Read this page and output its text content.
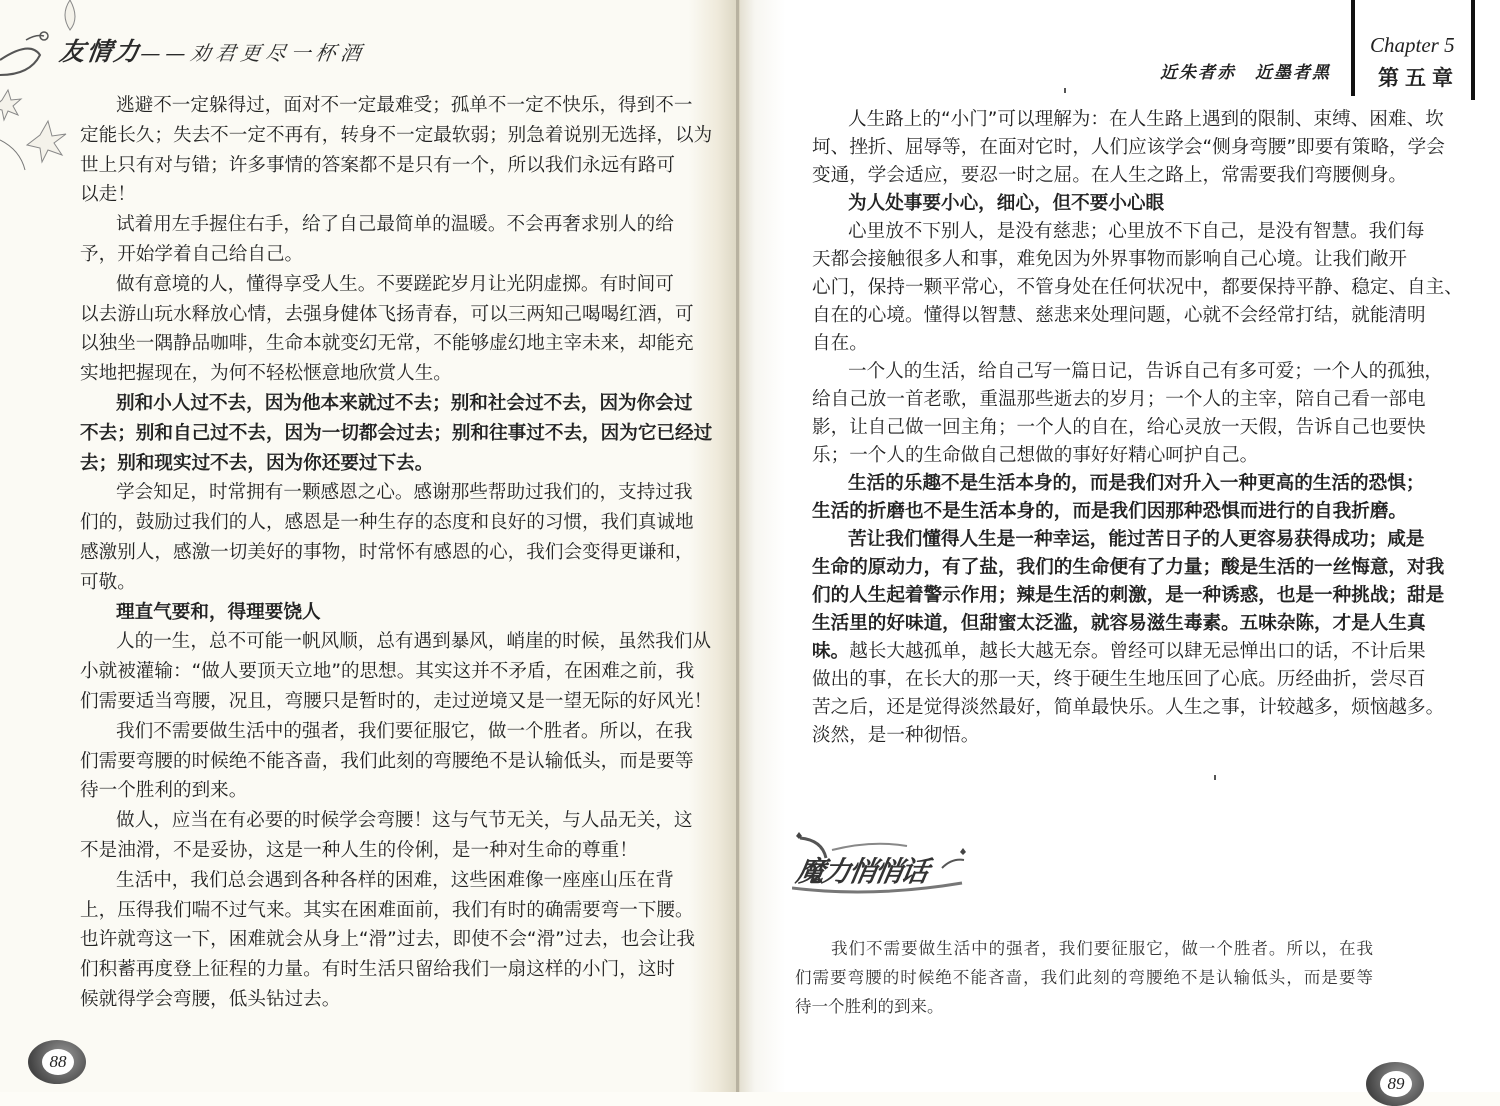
友情力——劝君更尽一杯酒
逃避不一定躲得过，面对不一定最难受；孤单不一定不快乐，得到不一
定能长久；失去不一定不再有，转身不一定最软弱；别急着说别无选择，以为
世上只有对与错；许多事情的答案都不是只有一个，所以我们永远有路可
以走！
试着用左手握住右手，给了自己最简单的温暖。不会再奢求别人的给
予，开始学着自己给自己。
做有意境的人，懂得享受人生。不要蹉跎岁月让光阴虚掷。有时间可
以去游山玩水释放心情，去强身健体飞扬青春，可以三两知己喝喝红酒，可
以独坐一隅静品咖啡，生命本就变幻无常，不能够虚幻地主宰未来，却能充
实地把握现在，为何不轻松惬意地欣赏人生。
别和小人过不去，因为他本来就过不去；别和社会过不去，因为你会过
不去；别和自己过不去，因为一切都会过去；别和往事过不去，因为它已经过
去；别和现实过不去，因为你还要过下去。
学会知足，时常拥有一颗感恩之心。感谢那些帮助过我们的，支持过我
们的，鼓励过我们的人，感恩是一种生存的态度和良好的习惯，我们真诚地
感激别人，感激一切美好的事物，时常怀有感恩的心，我们会变得更谦和，
可敬。
理直气要和，得理要饶人
人的一生，总不可能一帆风顺，总有遇到暴风，峭崖的时候，虽然我们从
小就被灌输：“做人要顶天立地”的思想。其实这并不矛盾，在困难之前，我
们需要适当弯腰，况且，弯腰只是暂时的，走过逆境又是一望无际的好风光！
我们不需要做生活中的强者，我们要征服它，做一个胜者。所以，在我
们需要弯腰的时候绝不能吝啬，我们此刻的弯腰绝不是认输低头，而是要等
待一个胜利的到来。
做人，应当在有必要的时候学会弯腰！这与气节无关，与人品无关，这
不是油滑，不是妥协，这是一种人生的伶俐，是一种对生命的尊重！
生活中，我们总会遇到各种各样的困难，这些困难像一座座山压在背
上，压得我们喘不过气来。其实在困难面前，我们有时的确需要弯一下腰。
也许就弯这一下，困难就会从身上“滑”过去，即使不会“滑”过去，也会让我
们积蓄再度登上征程的力量。有时生活只留给我们一扇这样的小门，这时
候就得学会弯腰，低头钻过去。
88
近朱者赤　近墨者黑
Chapter 5
第五章
人生路上的“小门”可以理解为：在人生路上遇到的限制、束缚、困难、坎
坷、挫折、屈辱等，在面对它时，人们应该学会“侧身弯腰”即要有策略，学会
变通，学会适应，要忍一时之屈。在人生之路上，常需要我们弯腰侧身。
为人处事要小心，细心，但不要小心眼
心里放不下别人，是没有慈悲；心里放不下自己，是没有智慧。我们每
天都会接触很多人和事，难免因为外界事物而影响自己心境。让我们敞开
心门，保持一颗平常心，不管身处在任何状况中，都要保持平静、稳定、自主、
自在的心境。懂得以智慧、慈悲来处理问题，心就不会经常打结，就能清明
自在。
一个人的生活，给自己写一篇日记，告诉自己有多可爱；一个人的孤独，
给自己放一首老歌，重温那些逝去的岁月；一个人的主宰，陪自己看一部电
影，让自己做一回主角；一个人的自在，给心灵放一天假，告诉自己也要快
乐；一个人的生命做自己想做的事好好精心呵护自己。
生活的乐趣不是生活本身的，而是我们对升入一种更高的生活的恐惧；
生活的折磨也不是生活本身的，而是我们因那种恐惧而进行的自我折磨。
苦让我们懂得人生是一种幸运，能过苦日子的人更容易获得成功；咸是
生命的原动力，有了盐，我们的生命便有了力量；酸是生活的一丝悔意，对我
们的人生起着警示作用；辣是生活的刺激，是一种诱惑，也是一种挑战；甜是
生活里的好味道，但甜蜜太泛滥，就容易滋生毒素。五味杂陈，才是人生真
味。越长大越孤单，越长大越无奈。曾经可以肆无忌惮出口的话，不计后果
做出的事，在长大的那一天，终于硬生生地压回了心底。历经曲折，尝尽百
苦之后，还是觉得淡然最好，简单最快乐。人生之事，计较越多，烦恼越多。
淡然，是一种彻悟。
魔力悄悄话
我们不需要做生活中的强者，我们要征服它，做一个胜者。所以，在我
们需要弯腰的时候绝不能吝啬，我们此刻的弯腰绝不是认输低头，而是要等
待一个胜利的到来。
89
